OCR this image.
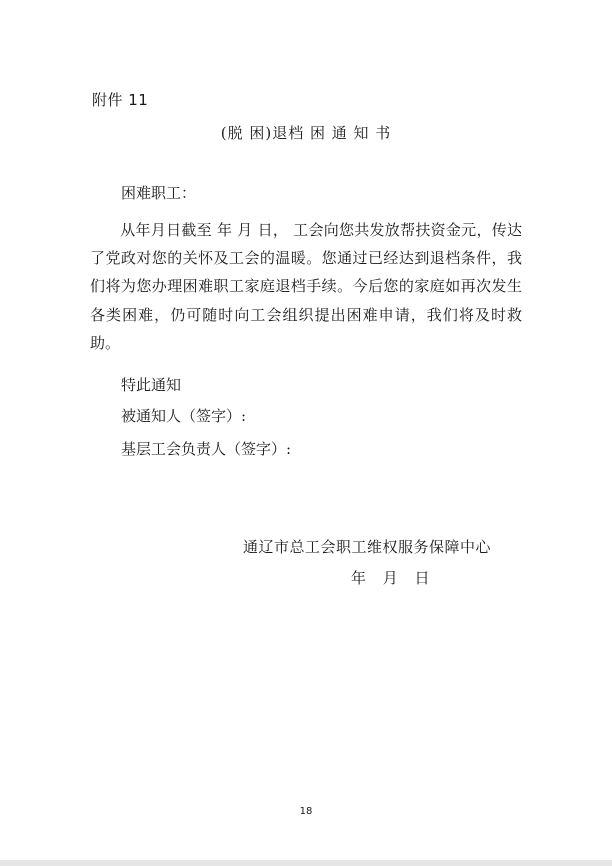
附件 11
(脱 困)退档 困 通 知 书
困难职工：
从年月日截至 年 月 日， 工会向您共发放帮扶资金元，传达了党政对您的关怀及工会的温暖。您通过已经达到退档条件，我们将为您办理困难职工家庭退档手续。今后您的家庭如再次发生各类困难，仍可随时向工会组织提出困难申请，我们将及时救助。
特此通知
被通知人（签字）:
基层工会负责人（签字）:
通辽市总工会职工维权服务保障中心
年 月 日
18
